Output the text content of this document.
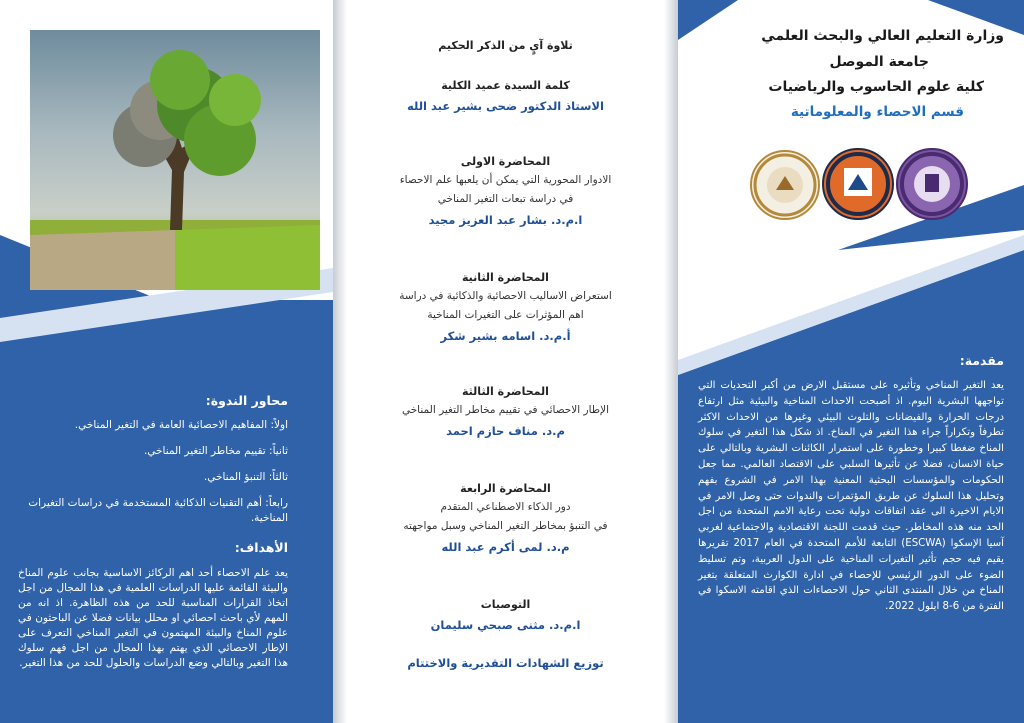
محاور الندوة:
اولاً: المفاهيم الاحصائية العامة في التغير المناخي.
ثانياً: تقييم مخاطر التغير المناخي.
ثالثاً: التنبؤ المناخي.
رابعاً: أهم التقنيات الذكائية المستخدمة في دراسات التغيرات المناخية.
الأهداف:
يعد علم الاحصاء أحد اهم الركائز الاساسية بجانب علوم المناخ والبيئة القائمة عليها الدراسات العلمية في هذا المجال من اجل اتخاذ القرارات المناسبة للحد من هذه الظاهرة. اذ انه من المهم لأي باحث احصائي او محلل بيانات فضلا عن الباحثون في علوم المناخ والبيئة المهتمون في التغير المناخي التعرف على الإطار الاحصائي الذي يهتم بهذا المجال من اجل فهم سلوك هذا التغير وبالتالي وضع الدراسات والحلول للحد من هذا التغير.
تلاوة آيٍ من الذكر الحكيم
كلمة السيدة عميد الكلية
الاستاذ الدكتور ضحى بشير عبد الله
المحاضرة الاولى
الادوار المحورية التي يمكن أن يلعبها علم الاحصاء
في دراسة تبعات التغير المناخي
ا.م.د. بشار عبد العزيز مجيد
المحاضرة الثانية
استعراض الاساليب الاحصائية والذكائية في دراسة
اهم المؤثرات على التغيرات المناخية
أ.م.د. اسامه بشير شكر
المحاضرة الثالثة
الإطار الاحصائي في تقييم مخاطر التغير المناخي
م.د. مناف حازم احمد
المحاضرة الرابعة
دور الذكاء الاصطناعي المتقدم
في التنبؤ بمخاطر التغير المناخي وسبل مواجهته
م.د. لمى أكرم عبد الله
التوصيات
ا.م.د. مثنى صبحي سليمان
توزيع الشهادات التقديرية والاختتام
وزارة التعليم العالي والبحث العلمي
جامعة الموصل
كلية علوم الحاسوب والرياضيات
قسم الاحصاء والمعلوماتية
مقدمة:
يعد التغير المناخي وتأثيره على مستقبل الارض من أكبر التحديات التي تواجهها البشرية اليوم. اذ أصبحت الاحداث المناخية والبيئية مثل ارتفاع درجات الحرارة والفيضانات والتلوث البيئي وغيرها من الاحداث الاكثر تطرفاً وتكراراً جراء هذا التغير في المناخ. اذ شكل هذا التغير في سلوك المناخ ضغطا كبيرا وخطورة على استمرار الكائنات البشرية وبالتالي على حياة الانسان، فضلا عن تأثيرها السلبي على الاقتصاد العالمي. مما جعل الحكومات والمؤسسات البحثية المعنية بهذا الامر في الشروع بفهم وتحليل هذا السلوك عن طريق المؤتمرات والندوات حتى وصل الامر في الايام الاخيرة الى عقد اتفاقات دولية تحت رعاية الامم المتحدة من اجل الحد منه هذه المخاطر. حيث قدمت اللجنة الاقتصادية والاجتماعية لغربي آسيا الإسكوا (ESCWA) التابعة للأمم المتحدة في العام 2017 تقريرها يقيم فيه حجم تأثير التغيرات المناخية على الدول العربية، وتم تسليط الضوء على الدور الرئيسي للإحصاء في ادارة الكوارث المتعلقة بتغير المناخ من خلال المنتدى الثاني حول الاحصاءات الذي اقامته الاسكوا في الفترة من 6-8 ايلول 2022.
